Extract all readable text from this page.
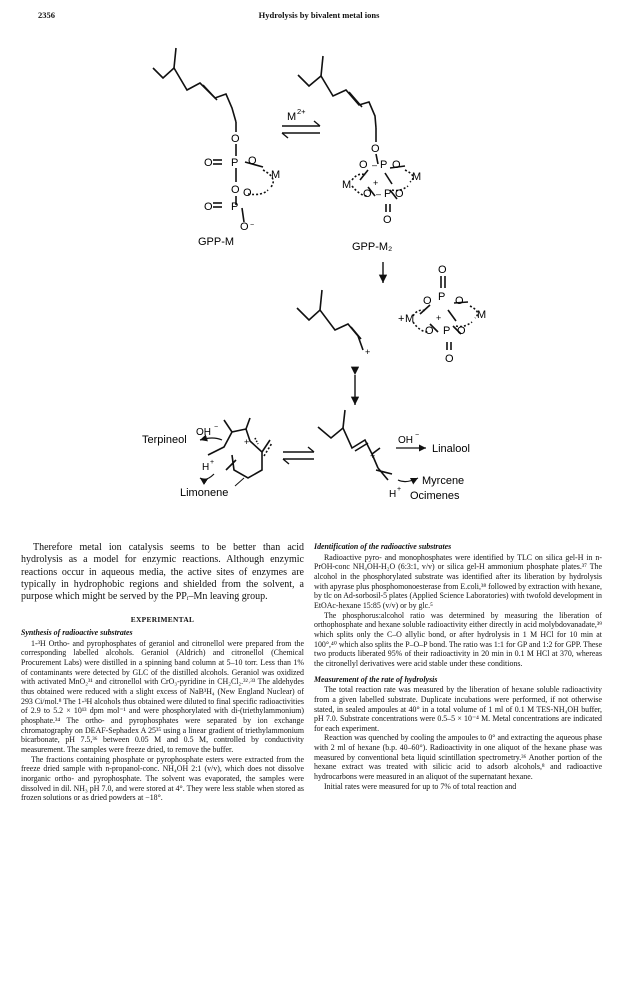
2356	Hydrolysis by bivalent metal ions
O
O P O
M
O
O P
O
O −
GPP-M
M 2+
O
O – P O
M
M +
O – P O
O
GPP-M₂
+
+
O
P
O O
M
M +
O P O
O
+
Terpineol
OH −
H +
Limonene
+
OH −
Linalool
H +
Myrcene
Ocimenes

Therefore metal ion catalysis seems to be better than acid hydrolysis as a model for enzymic reactions. Although enzymic reactions occur in aqueous media, the active sites of enzymes are typically in hydrophobic regions and shielded from the solvent, a purpose which might be served by the PPᵢ–Mn leaving group.

EXPERIMENTAL
Synthesis of radioactive substrates

1-³H Ortho- and pyrophosphates of geraniol and citronellol were prepared from the corresponding labelled alcohols. Geraniol (Aldrich) and citronellol (Chemical Procurement Labs) were distilled in a spinning band column at 5–10 torr. Less than 1% of contaminants were detected by GLC of the distilled alcohols. Geraniol was oxidized with activated MnO₂³¹ and citronellol with CrO₃-pyridine in CH₂Cl₂.³²˒³³ The aldehydes thus obtained were reduced with a slight excess of NaB³H₄ (New England Nuclear) of 293 Ci/mol.⁸ The 1-³H alcohols thus obtained were diluted to final specific radioactivities of 2.9 to 5.2 × 10¹³ dpm mol⁻¹ and were phosphorylated with di-(triethylammonium) phosphate.³⁴ The ortho- and pyrophosphates were separated by ion exchange chromatography on DEAF-Sephadex A 25³⁵ using a linear gradient of triethylammonium bicarbonate, pH 7.5,³⁶ between 0.05 M and 0.5 M, controlled by conductivity measurement. The samples were freeze dried, to remove the buffer.

The fractions containing phosphate or pyrophosphate esters were extracted from the freeze dried sample with n-propanol-conc. NH₄OH 2:1 (v/v), which does not dissolve inorganic ortho- and pyrophosphate. The solvent was evaporated, the samples were dissolved in dil. NH₃ pH 7.0, and were stored at 4°. They were less stable when stored as frozen solutions or as dried powders at −18°.

Identification of the radioactive substrates

Radioactive pyro- and monophosphates were identified by TLC on silica gel-H in n-PrOH-conc NH₄OH-H₂O (6:3:1, v/v) or silica gel-H ammonium phosphate plates.³⁷ The alcohol in the phosphorylated substrate was identified after its liberation by hydrolysis with apyrase plus phosphomonoesterase from E.coli,³⁸ followed by extraction with hexane, by tlc on Ad-sorbosil-5 plates (Applied Science Laboratories) with twofold development in EtOAc-hexane 15:85 (v/v) or by glc.⁵

The phosphorus:alcohol ratio was determined by measuring the liberation of orthophosphate and hexane soluble radioactivity either directly in acid molybdovanadate,³⁹ which splits only the C–O allylic bond, or after hydrolysis in 1 M HCl for 10 min at 100°,⁴⁰ which also splits the P–O–P bond. The ratio was 1:1 for GP and 1:2 for GPP. These two products liberated 95% of their radioactivity in 20 min in 0.1 M HCl at 370, whereas the citronellyl derivatives were acid stable under these conditions.

Measurement of the rate of hydrolysis

The total reaction rate was measured by the liberation of hexane soluble radioactivity from a given labelled substrate. Duplicate incubations were performed, if not otherwise stated, in sealed ampoules at 40° in a total volume of 1 ml of 0.1 M TES-NH₄OH buffer, pH 7.0. Substrate concentrations were 0.5–5 × 10⁻⁴ M. Metal concentrations are indicated for each experiment.

Reaction was quenched by cooling the ampoules to 0° and extracting the aqueous phase with 2 ml of hexane (b.p. 40–60°). Radioactivity in one aliquot of the hexane phase was measured by conventional beta liquid scintillation spectrometry.³⁶ Another portion of the hexane extract was treated with silicic acid to adsorb alcohols,⁸ and radioactive hydrocarbons were measured in an aliquot of the supernatant hexane.

Initial rates were measured for up to 7% of total reaction and
